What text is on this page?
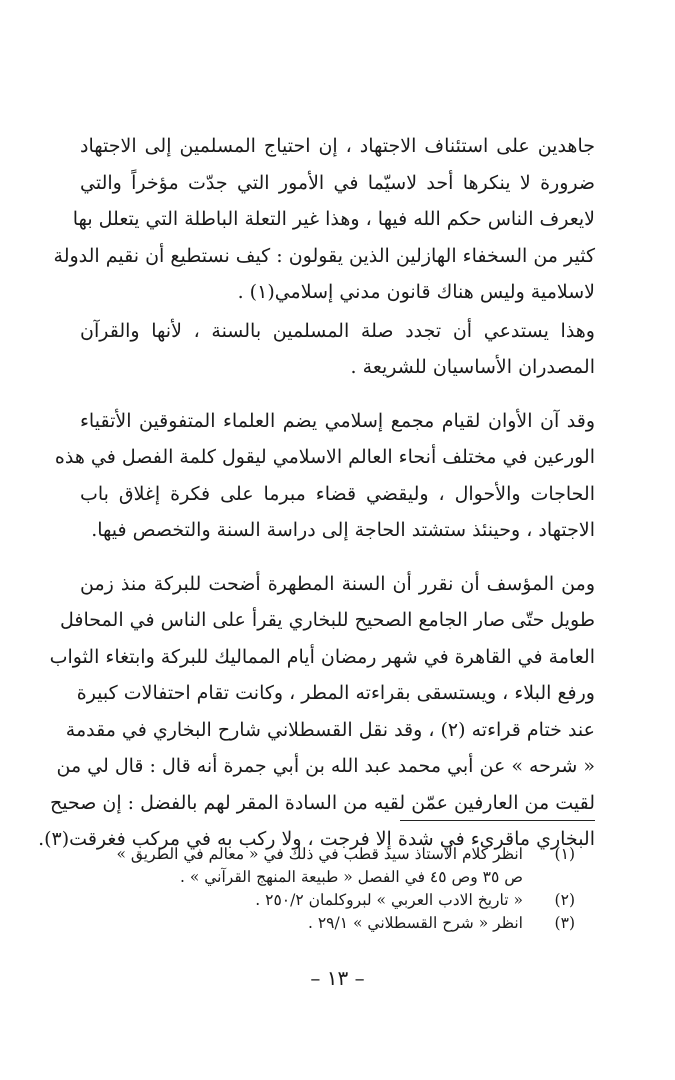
جاهدين على استئناف الاجتهاد ، إن احتياج المسلمين إلى الاجتهاد
ضرورة لا ينكرها أحد لاسيّما في الأمور التي جدّت مؤخراً والتي
لايعرف الناس حكم الله فيها ، وهذا غير التعلة الباطلة التي يتعلل بها
كثير من السخفاء الهازلين الذين يقولون : كيف نستطيع أن نقيم الدولة
لاسلامية وليس هناك قانون مدني إسلامي(١) .

وهذا يستدعي أن تجدد صلة المسلمين بالسنة ، لأنها والقرآن
المصدران الأساسيان للشريعة .

وقد آن الأوان لقيام مجمع إسلامي يضم العلماء المتفوقين الأتقياء
الورعين في مختلف أنحاء العالم الاسلامي ليقول كلمة الفصل في هذه
الحاجات والأحوال ، وليقضي قضاء مبرما على فكرة إغلاق باب
الاجتهاد ، وحينئذ ستشتد الحاجة إلى دراسة السنة والتخصص فيها.

ومن المؤسف أن نقرر أن السنة المطهرة أضحت للبركة منذ زمن
طويل حتّى صار الجامع الصحيح للبخاري يقرأ على الناس في المحافل
العامة في القاهرة في شهر رمضان أيام المماليك للبركة وابتغاء الثواب
ورفع البلاء ، ويستسقى بقراءته المطر ، وكانت تقام احتفالات كبيرة
عند ختام قراءته (٢) ، وقد نقل القسطلاني شارح البخاري في مقدمة
« شرحه » عن أبي محمد عبد الله بن أبي جمرة أنه قال : قال لي من
لقيت من العارفين عمّن لقيه من السادة المقر لهم بالفضل : إن صحيح
البخاري ماقرىء في شدة إلا فرجت ، ولا ركب به في مركب فغرقت(٣).

(١)
انظر كلام الاستاذ سيد قطب في ذلك في « معالم في الطريق »
ص ٣٥ وص ٤٥ في الفصل « طبيعة المنهج القرآني » .
(٢)
« تاريخ الادب العربي » لبروكلمان ٢٥٠/٢ .
(٣)
انظر « شرح القسطلاني » ٢٩/١ .
– ١٣ –
